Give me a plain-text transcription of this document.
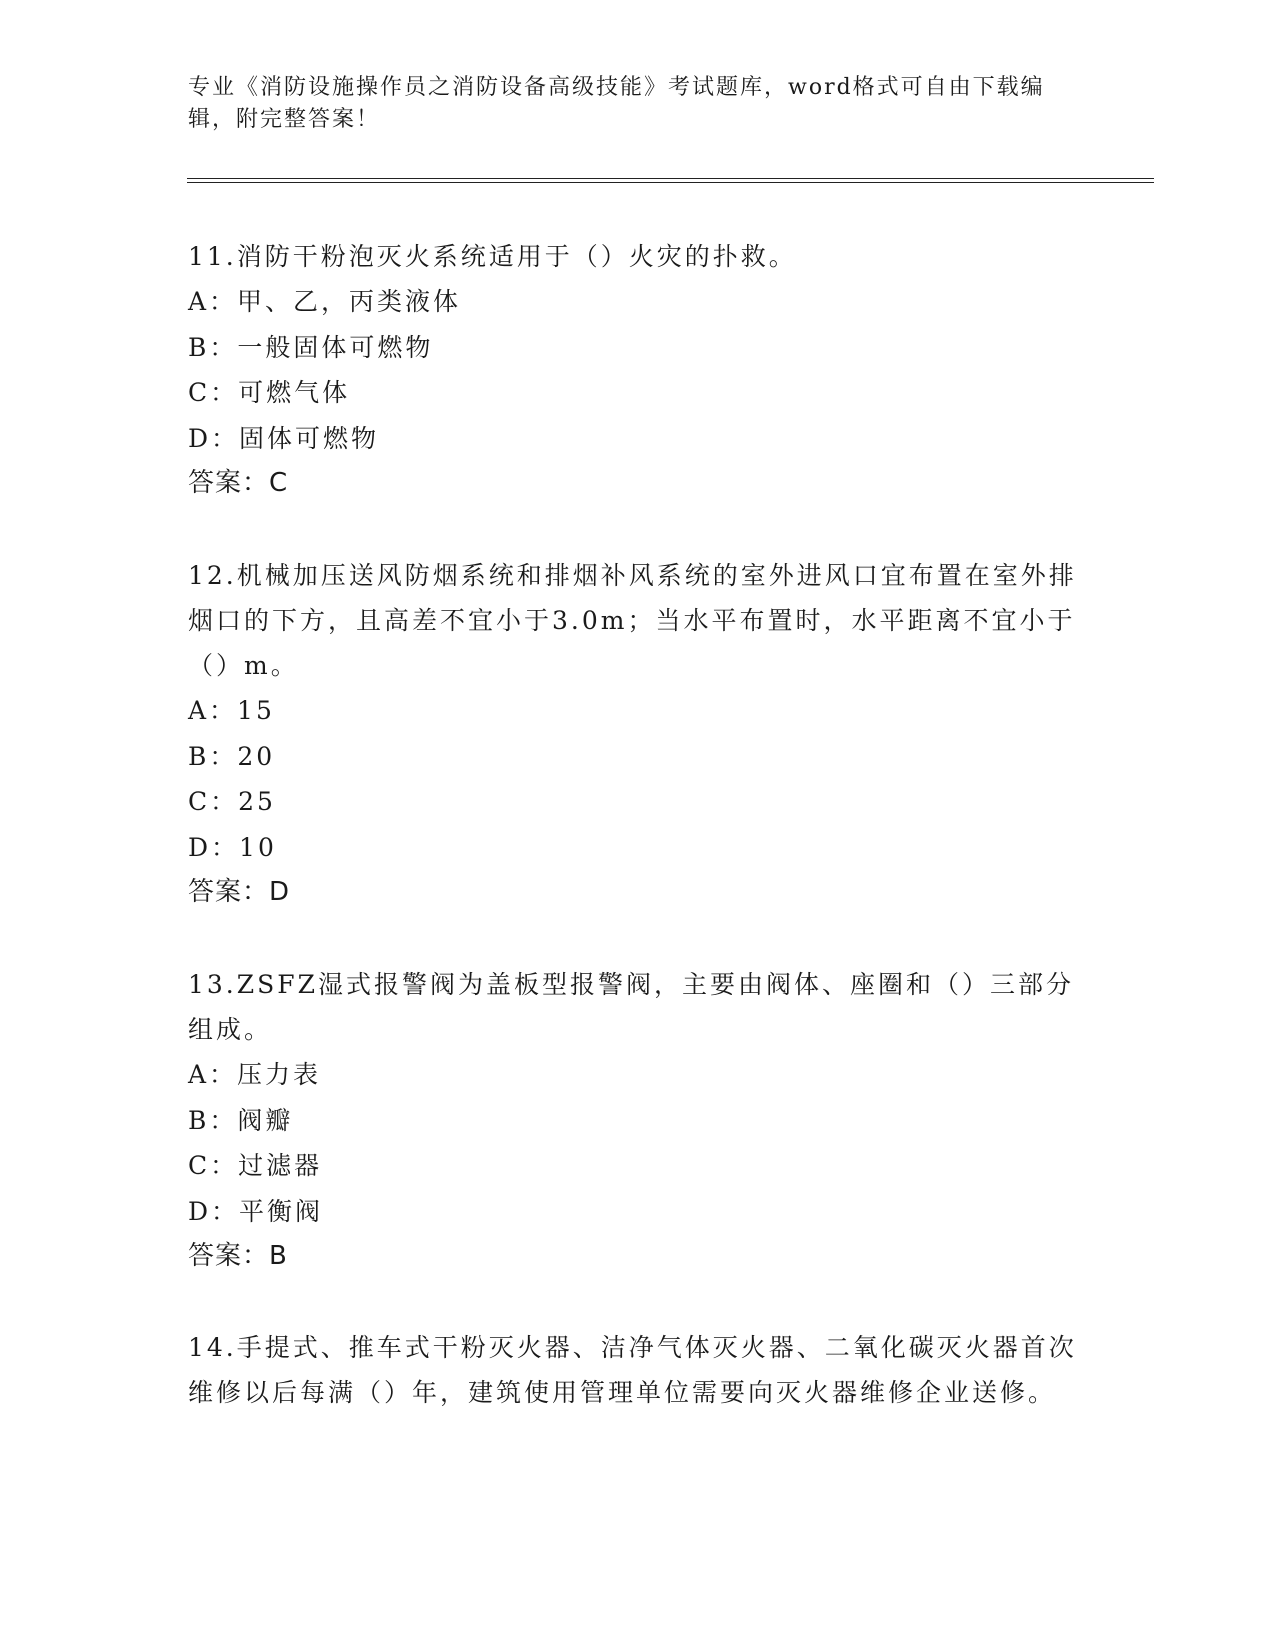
专业《消防设施操作员之消防设备高级技能》考试题库，word格式可自由下载编辑，附完整答案！
11.消防干粉泡灭火系统适用于（）火灾的扑救。
A：甲、乙，丙类液体
B：一般固体可燃物
C：可燃气体
D：固体可燃物
答案：C
12.机械加压送风防烟系统和排烟补风系统的室外进风口宜布置在室外排烟口的下方，且高差不宜小于3.0m；当水平布置时，水平距离不宜小于（）m。
A：15
B：20
C：25
D：10
答案：D
13.ZSFZ湿式报警阀为盖板型报警阀，主要由阀体、座圈和（）三部分组成。
A：压力表
B：阀瓣
C：过滤器
D：平衡阀
答案：B
14.手提式、推车式干粉灭火器、洁净气体灭火器、二氧化碳灭火器首次维修以后每满（）年，建筑使用管理单位需要向灭火器维修企业送修。
